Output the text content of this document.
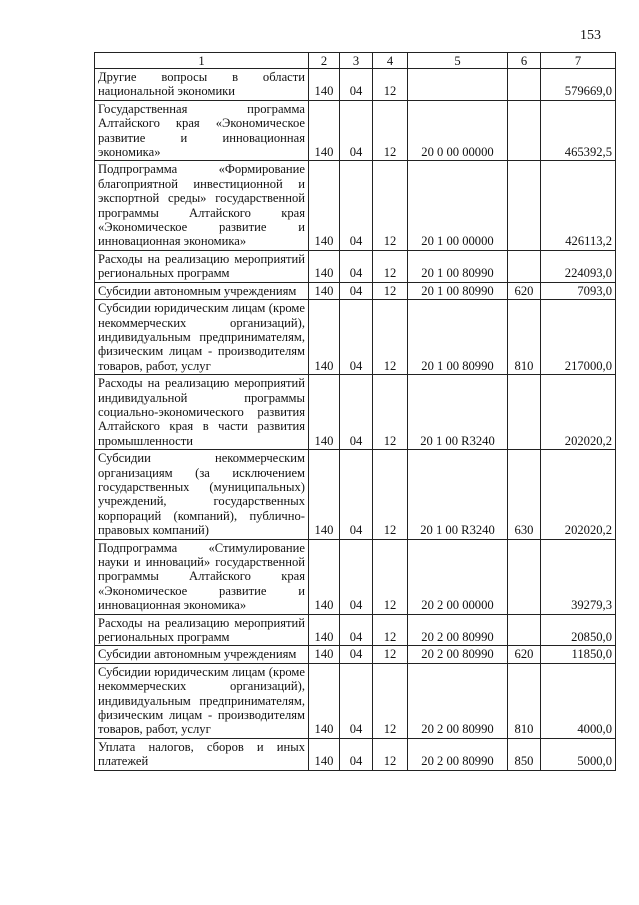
153
1	2	3	4	5	6	7
Другие вопросы в области национальной экономики	140	04	12			579669,0
Государственная программа Алтайского края «Экономическое развитие и инновационная экономика»	140	04	12	20 0 00 00000		465392,5
Подпрограмма «Формирование благоприятной инвестиционной и экспортной среды» государственной программы Алтайского края «Экономическое развитие и инновационная экономика»	140	04	12	20 1 00 00000		426113,2
Расходы на реализацию мероприятий региональных программ	140	04	12	20 1 00 80990		224093,0
Субсидии автономным учреждениям	140	04	12	20 1 00 80990	620	7093,0
Субсидии юридическим лицам (кроме некоммерческих организаций), индивидуальным предпринимателям, физическим лицам - производителям товаров, работ, услуг	140	04	12	20 1 00 80990	810	217000,0
Расходы на реализацию мероприятий индивидуальной программы социально-экономического развития Алтайского края в части развития промышленности	140	04	12	20 1 00 R3240		202020,2
Субсидии некоммерческим организациям (за исключением государственных (муниципальных) учреждений, государственных корпораций (компаний), публично-правовых компаний)	140	04	12	20 1 00 R3240	630	202020,2
Подпрограмма «Стимулирование науки и инноваций» государственной программы Алтайского края «Экономическое развитие и инновационная экономика»	140	04	12	20 2 00 00000		39279,3
Расходы на реализацию мероприятий региональных программ	140	04	12	20 2 00 80990		20850,0
Субсидии автономным учреждениям	140	04	12	20 2 00 80990	620	11850,0
Субсидии юридическим лицам (кроме некоммерческих организаций), индивидуальным предпринимателям, физическим лицам - производителям товаров, работ, услуг	140	04	12	20 2 00 80990	810	4000,0
Уплата налогов, сборов и иных платежей	140	04	12	20 2 00 80990	850	5000,0
